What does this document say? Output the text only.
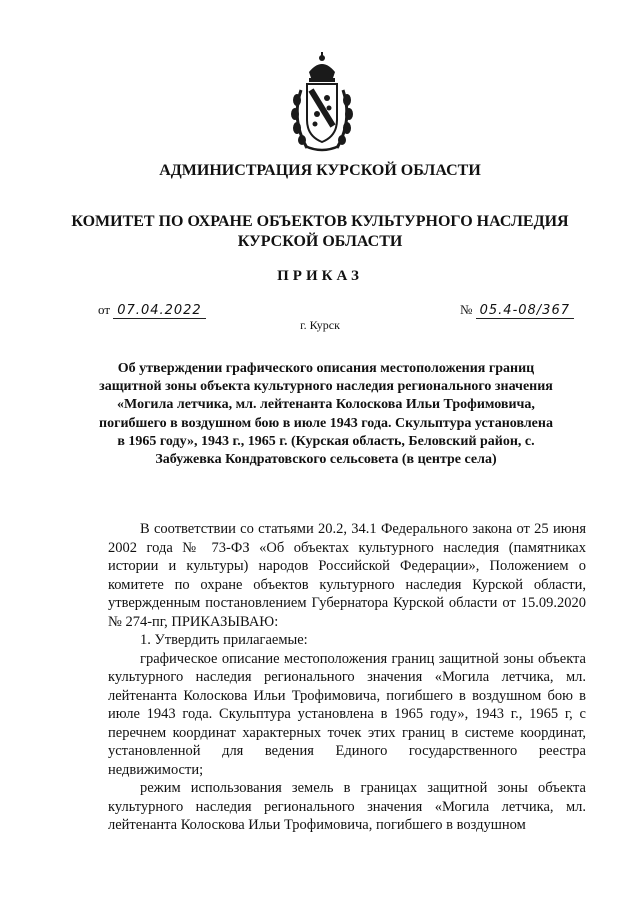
АДМИНИСТРАЦИЯ КУРСКОЙ ОБЛАСТИ
КОМИТЕТ ПО ОХРАНЕ ОБЪЕКТОВ КУЛЬТУРНОГО НАСЛЕДИЯ
КУРСКОЙ ОБЛАСТИ
ПРИКАЗ
от 07.04.2022	№ 05.4-08/367
г. Курск
Об утверждении графического описания местоположения границ защитной зоны объекта культурного наследия регионального значения «Могила летчика, мл. лейтенанта Колоскова Ильи Трофимовича, погибшего в воздушном бою в июле 1943 года. Скульптура установлена в 1965 году», 1943 г., 1965 г. (Курская область, Беловский район, с. Забужевка Кондратовского сельсовета (в центре села)

В соответствии со статьями 20.2, 34.1 Федерального закона от 25 июня 2002 года № 73-ФЗ «Об объектах культурного наследия (памятниках истории и культуры) народов Российской Федерации», Положением о комитете по охране объектов культурного наследия Курской области, утвержденным постановлением Губернатора Курской области от 15.09.2020 № 274-пг, ПРИКАЗЫВАЮ:

1. Утвердить прилагаемые:

графическое описание местоположения границ защитной зоны объекта культурного наследия регионального значения «Могила летчика, мл. лейтенанта Колоскова Ильи Трофимовича, погибшего в воздушном бою в июле 1943 года. Скульптура установлена в 1965 году», 1943 г., 1965 г, с перечнем координат характерных точек этих границ в системе координат, установленной для ведения Единого государственного реестра недвижимости;

режим использования земель в границах защитной зоны объекта культурного наследия регионального значения «Могила летчика, мл. лейтенанта Колоскова Ильи Трофимовича, погибшего в воздушном
